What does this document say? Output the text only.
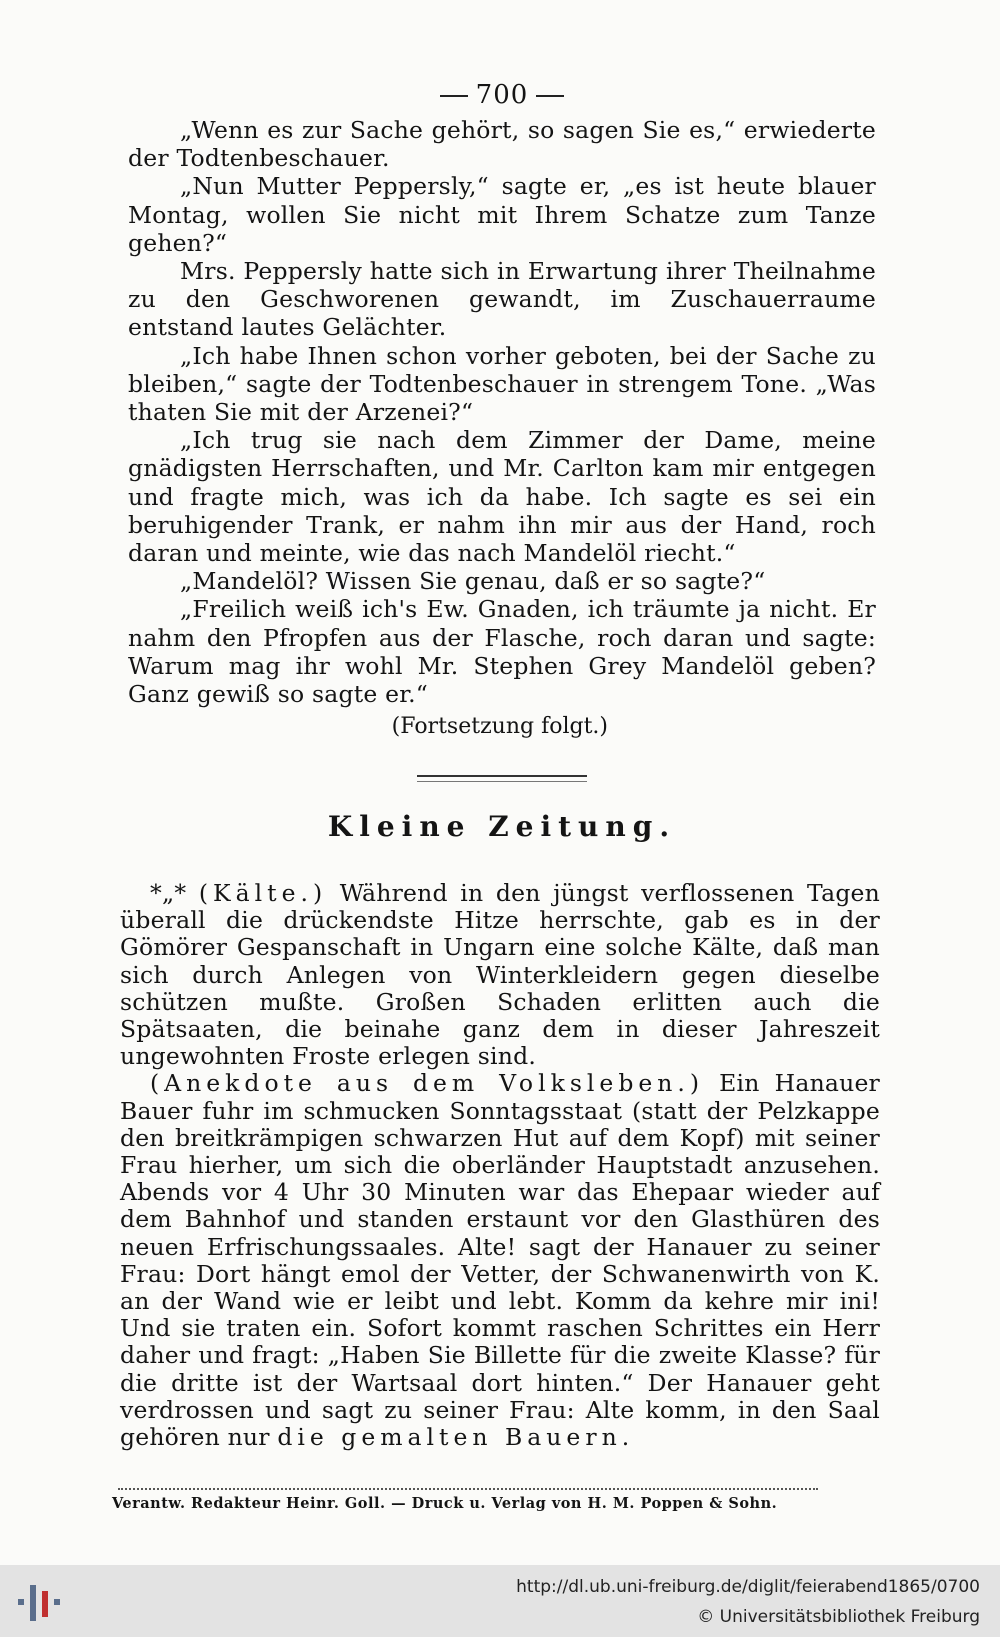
700

„Wenn es zur Sache gehört, so sagen Sie es,“ erwiederte der Todtenbeschauer.

„Nun Mutter Peppersly,“ sagte er, „es ist heute blauer Montag, wollen Sie nicht mit Ihrem Schatze zum Tanze gehen?“

Mrs. Peppersly hatte sich in Erwartung ihrer Theilnahme zu den Geschworenen gewandt, im Zuschauerraume entstand lautes Gelächter.

„Ich habe Ihnen schon vorher geboten, bei der Sache zu bleiben,“ sagte der Todtenbeschauer in strengem Tone. „Was thaten Sie mit der Arzenei?“

„Ich trug sie nach dem Zimmer der Dame, meine gnädigsten Herrschaften, und Mr. Carlton kam mir entgegen und fragte mich, was ich da habe. Ich sagte es sei ein beruhigender Trank, er nahm ihn mir aus der Hand, roch daran und meinte, wie das nach Mandelöl riecht.“

„Mandelöl? Wissen Sie genau, daß er so sagte?“

„Freilich weiß ich's Ew. Gnaden, ich träumte ja nicht. Er nahm den Pfropfen aus der Flasche, roch daran und sagte: Warum mag ihr wohl Mr. Stephen Grey Mandelöl geben? Ganz gewiß so sagte er.“

(Fortsetzung folgt.)
Kleine Zeitung.

*„* (Kälte.) Während in den jüngst verflossenen Tagen überall die drückendste Hitze herrschte, gab es in der Gömörer Gespanschaft in Ungarn eine solche Kälte, daß man sich durch Anlegen von Winterkleidern gegen dieselbe schützen mußte. Großen Schaden erlitten auch die Spätsaaten, die beinahe ganz dem in dieser Jahreszeit ungewohnten Froste erlegen sind.

(Anekdote aus dem Volksleben.) Ein Hanauer Bauer fuhr im schmucken Sonntagsstaat (statt der Pelzkappe den breitkrämpigen schwarzen Hut auf dem Kopf) mit seiner Frau hierher, um sich die oberländer Hauptstadt anzusehen. Abends vor 4 Uhr 30 Minuten war das Ehepaar wieder auf dem Bahnhof und standen erstaunt vor den Glasthüren des neuen Erfrischungssaales. Alte! sagt der Hanauer zu seiner Frau: Dort hängt emol der Vetter, der Schwanenwirth von K. an der Wand wie er leibt und lebt. Komm da kehre mir ini! Und sie traten ein. Sofort kommt raschen Schrittes ein Herr daher und fragt: „Haben Sie Billette für die zweite Klasse? für die dritte ist der Wartsaal dort hinten.“ Der Hanauer geht verdrossen und sagt zu seiner Frau: Alte komm, in den Saal gehören nur die gemalten Bauern.

Verantw. Redakteur Heinr. Goll. — Druck u. Verlag von H. M. Poppen & Sohn.
http://dl.ub.uni-freiburg.de/diglit/feierabend1865/0700
© Universitätsbibliothek Freiburg
